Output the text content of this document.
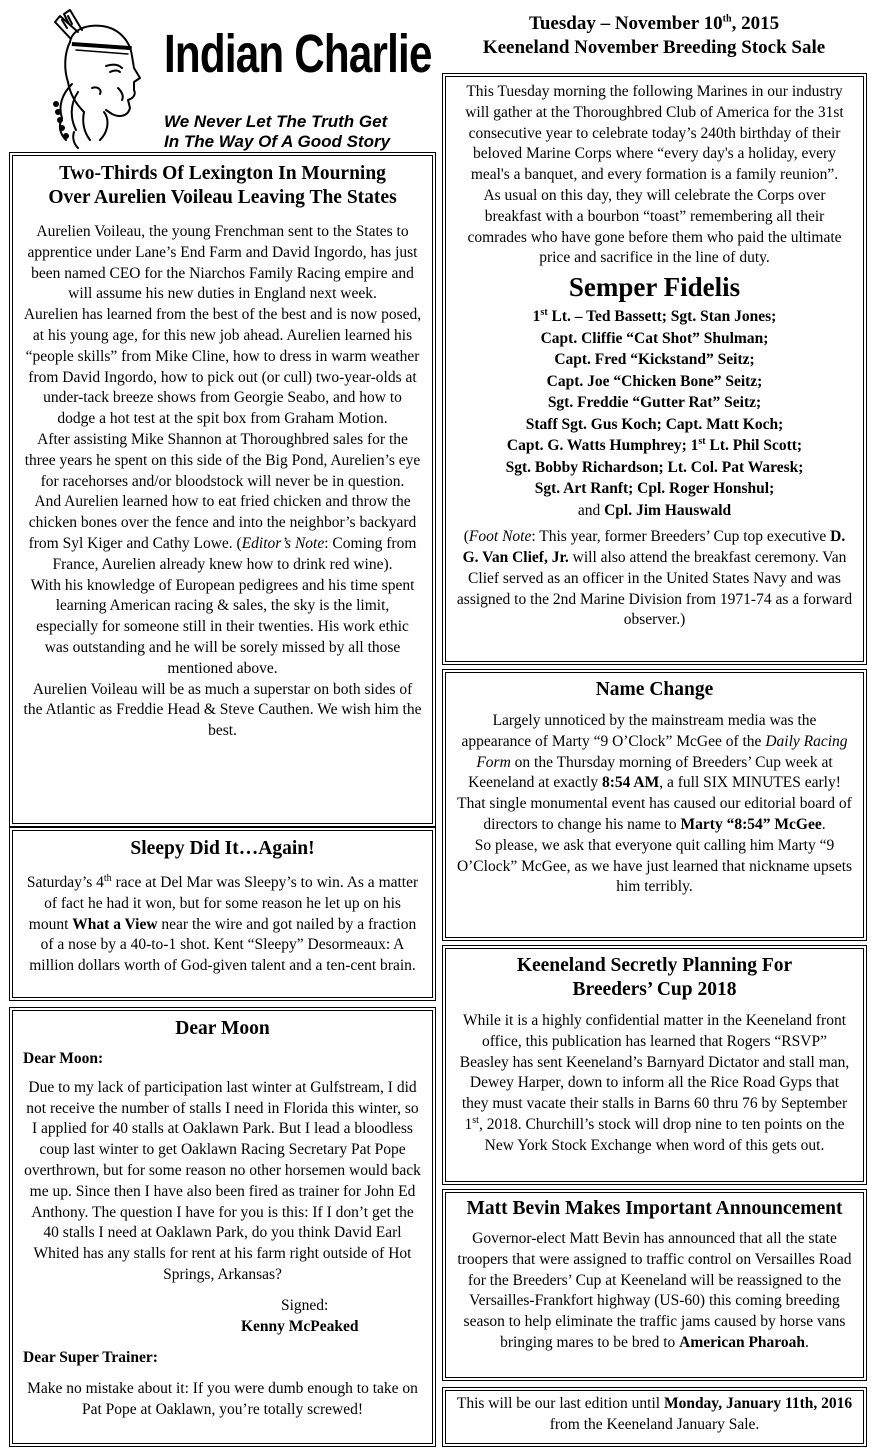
Indian Charlie
We Never Let The Truth Get
In The Way Of A Good Story
Tuesday – November 10th, 2015
Keeneland November Breeding Stock Sale
Two-Thirds Of Lexington In Mourning
Over Aurelien Voileau Leaving The States

Aurelien Voileau, the young Frenchman sent to the States to apprentice under Lane’s End Farm and David Ingordo, has just been named CEO for the Niarchos Family Racing empire and will assume his new duties in England next week.

Aurelien has learned from the best of the best and is now posed, at his young age, for this new job ahead. Aurelien learned his “people skills” from Mike Cline, how to dress in warm weather from David Ingordo, how to pick out (or cull) two-year-olds at under-tack breeze shows from Georgie Seabo, and how to dodge a hot test at the spit box from Graham Motion.

After assisting Mike Shannon at Thoroughbred sales for the three years he spent on this side of the Big Pond, Aurelien’s eye for racehorses and/or bloodstock will never be in question.

And Aurelien learned how to eat fried chicken and throw the chicken bones over the fence and into the neighbor’s backyard from Syl Kiger and Cathy Lowe. (Editor’s Note: Coming from France, Aurelien already knew how to drink red wine).

With his knowledge of European pedigrees and his time spent learning American racing & sales, the sky is the limit, especially for someone still in their twenties. His work ethic was outstanding and he will be sorely missed by all those mentioned above.

Aurelien Voileau will be as much a superstar on both sides of the Atlantic as Freddie Head & Steve Cauthen. We wish him the best.

Sleepy Did It…Again!

Saturday’s 4th race at Del Mar was Sleepy’s to win. As a matter of fact he had it won, but for some reason he let up on his mount What a View near the wire and got nailed by a fraction of a nose by a 40-to-1 shot. Kent “Sleepy” Desormeaux: A million dollars worth of God-given talent and a ten-cent brain.

Dear Moon
Dear Moon:

Due to my lack of participation last winter at Gulfstream, I did not receive the number of stalls I need in Florida this winter, so I applied for 40 stalls at Oaklawn Park. But I lead a bloodless coup last winter to get Oaklawn Racing Secretary Pat Pope overthrown, but for some reason no other horsemen would back me up. Since then I have also been fired as trainer for John Ed Anthony. The question I have for you is this: If I don’t get the 40 stalls I need at Oaklawn Park, do you think David Earl Whited has any stalls for rent at his farm right outside of Hot Springs, Arkansas?

Signed:
Kenny McPeaked
Dear Super Trainer:

Make no mistake about it: If you were dumb enough to take on Pat Pope at Oaklawn, you’re totally screwed!

This Tuesday morning the following Marines in our industry will gather at the Thoroughbred Club of America for the 31st consecutive year to celebrate today’s 240th birthday of their beloved Marine Corps where “every day's a holiday, every meal's a banquet, and every formation is a family reunion”.

As usual on this day, they will celebrate the Corps over breakfast with a bourbon “toast” remembering all their comrades who have gone before them who paid the ultimate price and sacrifice in the line of duty.

Semper Fidelis
1st Lt. – Ted Bassett; Sgt. Stan Jones;
Capt. Cliffie “Cat Shot” Shulman;
Capt. Fred “Kickstand” Seitz;
Capt. Joe “Chicken Bone” Seitz;
Sgt. Freddie “Gutter Rat” Seitz;
Staff Sgt. Gus Koch; Capt. Matt Koch;
Capt. G. Watts Humphrey; 1st Lt. Phil Scott;
Sgt. Bobby Richardson; Lt. Col. Pat Waresk;
Sgt. Art Ranft; Cpl. Roger Honshul;
and Cpl. Jim Hauswald

(Foot Note: This year, former Breeders’ Cup top executive D. G. Van Clief, Jr. will also attend the breakfast ceremony. Van Clief served as an officer in the United States Navy and was assigned to the 2nd Marine Division from 1971-74 as a forward observer.)

Name Change

Largely unnoticed by the mainstream media was the appearance of Marty “9 O’Clock” McGee of the Daily Racing Form on the Thursday morning of Breeders’ Cup week at Keeneland at exactly 8:54 AM, a full SIX MINUTES early!

That single monumental event has caused our editorial board of directors to change his name to Marty “8:54” McGee.

So please, we ask that everyone quit calling him Marty “9 O’Clock” McGee, as we have just learned that nickname upsets him terribly.

Keeneland Secretly Planning For
Breeders’ Cup 2018

While it is a highly confidential matter in the Keeneland front office, this publication has learned that Rogers “RSVP” Beasley has sent Keeneland’s Barnyard Dictator and stall man, Dewey Harper, down to inform all the Rice Road Gyps that they must vacate their stalls in Barns 60 thru 76 by September 1st, 2018. Churchill’s stock will drop nine to ten points on the New York Stock Exchange when word of this gets out.

Matt Bevin Makes Important Announcement

Governor-elect Matt Bevin has announced that all the state troopers that were assigned to traffic control on Versailles Road for the Breeders’ Cup at Keeneland will be reassigned to the Versailles-Frankfort highway (US-60) this coming breeding season to help eliminate the traffic jams caused by horse vans bringing mares to be bred to American Pharoah.

This will be our last edition until Monday, January 11th, 2016 from the Keeneland January Sale.
